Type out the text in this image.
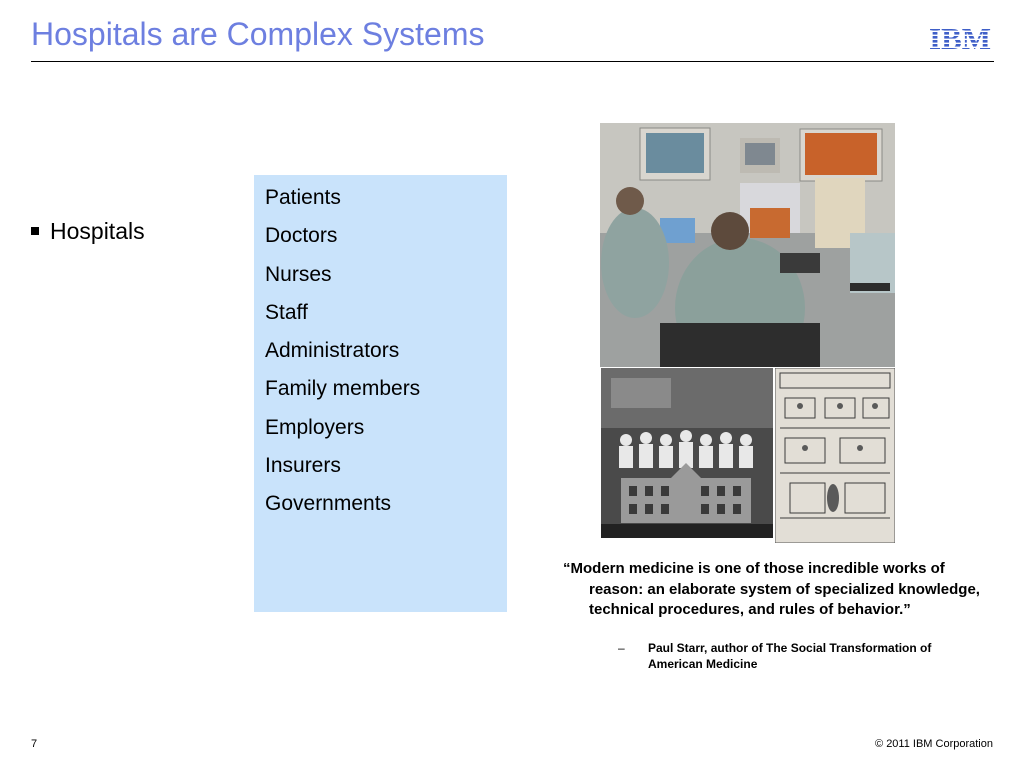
Hospitals are Complex Systems	IBM
Hospitals
Patients
Doctors
Nurses
Staff
Administrators
Family members
Employers
Insurers
Governments
“Modern medicine is one of those incredible works of reason: an elaborate system of specialized knowledge, technical procedures, and rules of behavior.”
–	Paul Starr, author of The Social Transformation of American Medicine
7	© 2011 IBM Corporation
